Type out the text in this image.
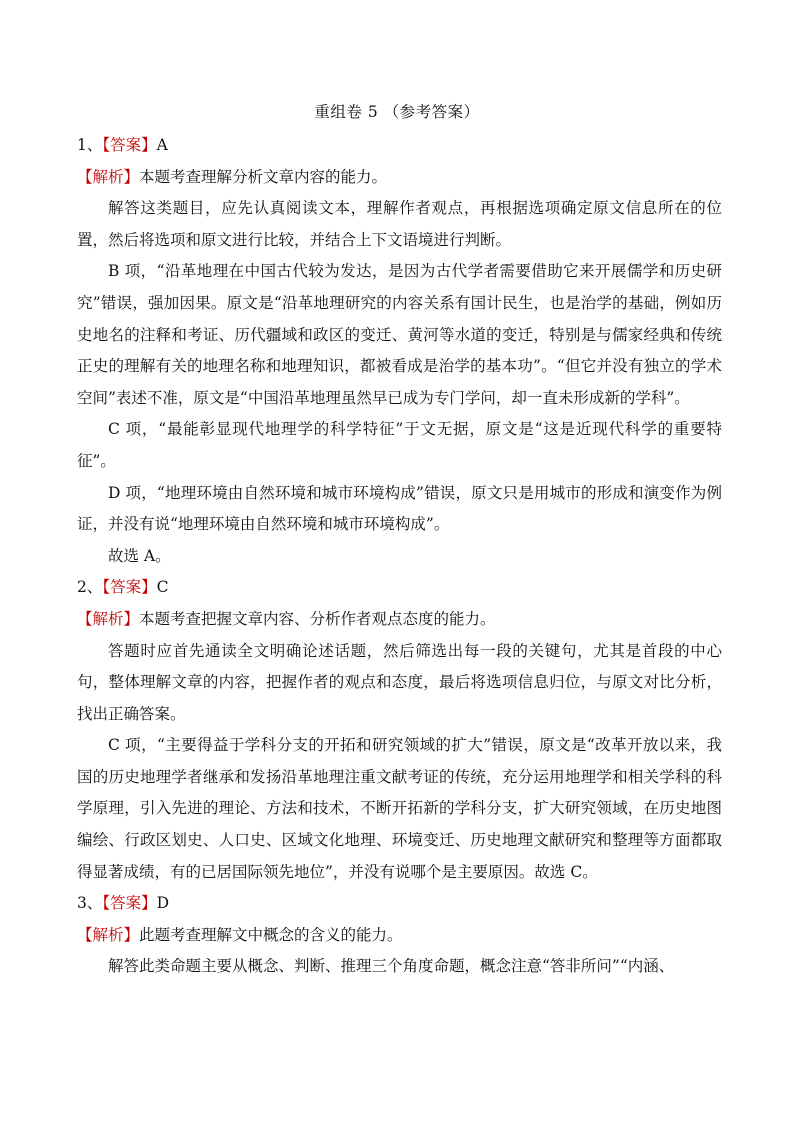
重组卷 5 （参考答案）

1、【答案】A

【解析】本题考查理解分析文章内容的能力。

解答这类题目，应先认真阅读文本，理解作者观点，再根据选项确定原文信息所在的位置，然后将选项和原文进行比较，并结合上下文语境进行判断。

B 项，“沿革地理在中国古代较为发达，是因为古代学者需要借助它来开展儒学和历史研究”错误，强加因果。原文是“沿革地理研究的内容关系有国计民生，也是治学的基础，例如历史地名的注释和考证、历代疆域和政区的变迁、黄河等水道的变迁，特别是与儒家经典和传统正史的理解有关的地理名称和地理知识，都被看成是治学的基本功”。“但它并没有独立的学术空间”表述不准，原文是“中国沿革地理虽然早已成为专门学问，却一直未形成新的学科”。

C 项，“最能彰显现代地理学的科学特征”于文无据，原文是“这是近现代科学的重要特征”。

D 项，“地理环境由自然环境和城市环境构成”错误，原文只是用城市的形成和演变作为例证，并没有说“地理环境由自然环境和城市环境构成”。

故选 A。

2、【答案】C

【解析】本题考查把握文章内容、分析作者观点态度的能力。

答题时应首先通读全文明确论述话题，然后筛选出每一段的关键句，尤其是首段的中心句，整体理解文章的内容，把握作者的观点和态度，最后将选项信息归位，与原文对比分析，找出正确答案。

C 项，“主要得益于学科分支的开拓和研究领域的扩大”错误，原文是“改革开放以来，我国的历史地理学者继承和发扬沿革地理注重文献考证的传统，充分运用地理学和相关学科的科学原理，引入先进的理论、方法和技术，不断开拓新的学科分支，扩大研究领域，在历史地图编绘、行政区划史、人口史、区域文化地理、环境变迁、历史地理文献研究和整理等方面都取得显著成绩，有的已居国际领先地位”，并没有说哪个是主要原因。故选 C。

3、【答案】D

【解析】此题考查理解文中概念的含义的能力。

解答此类命题主要从概念、判断、推理三个角度命题，概念注意“答非所问”“内涵、
